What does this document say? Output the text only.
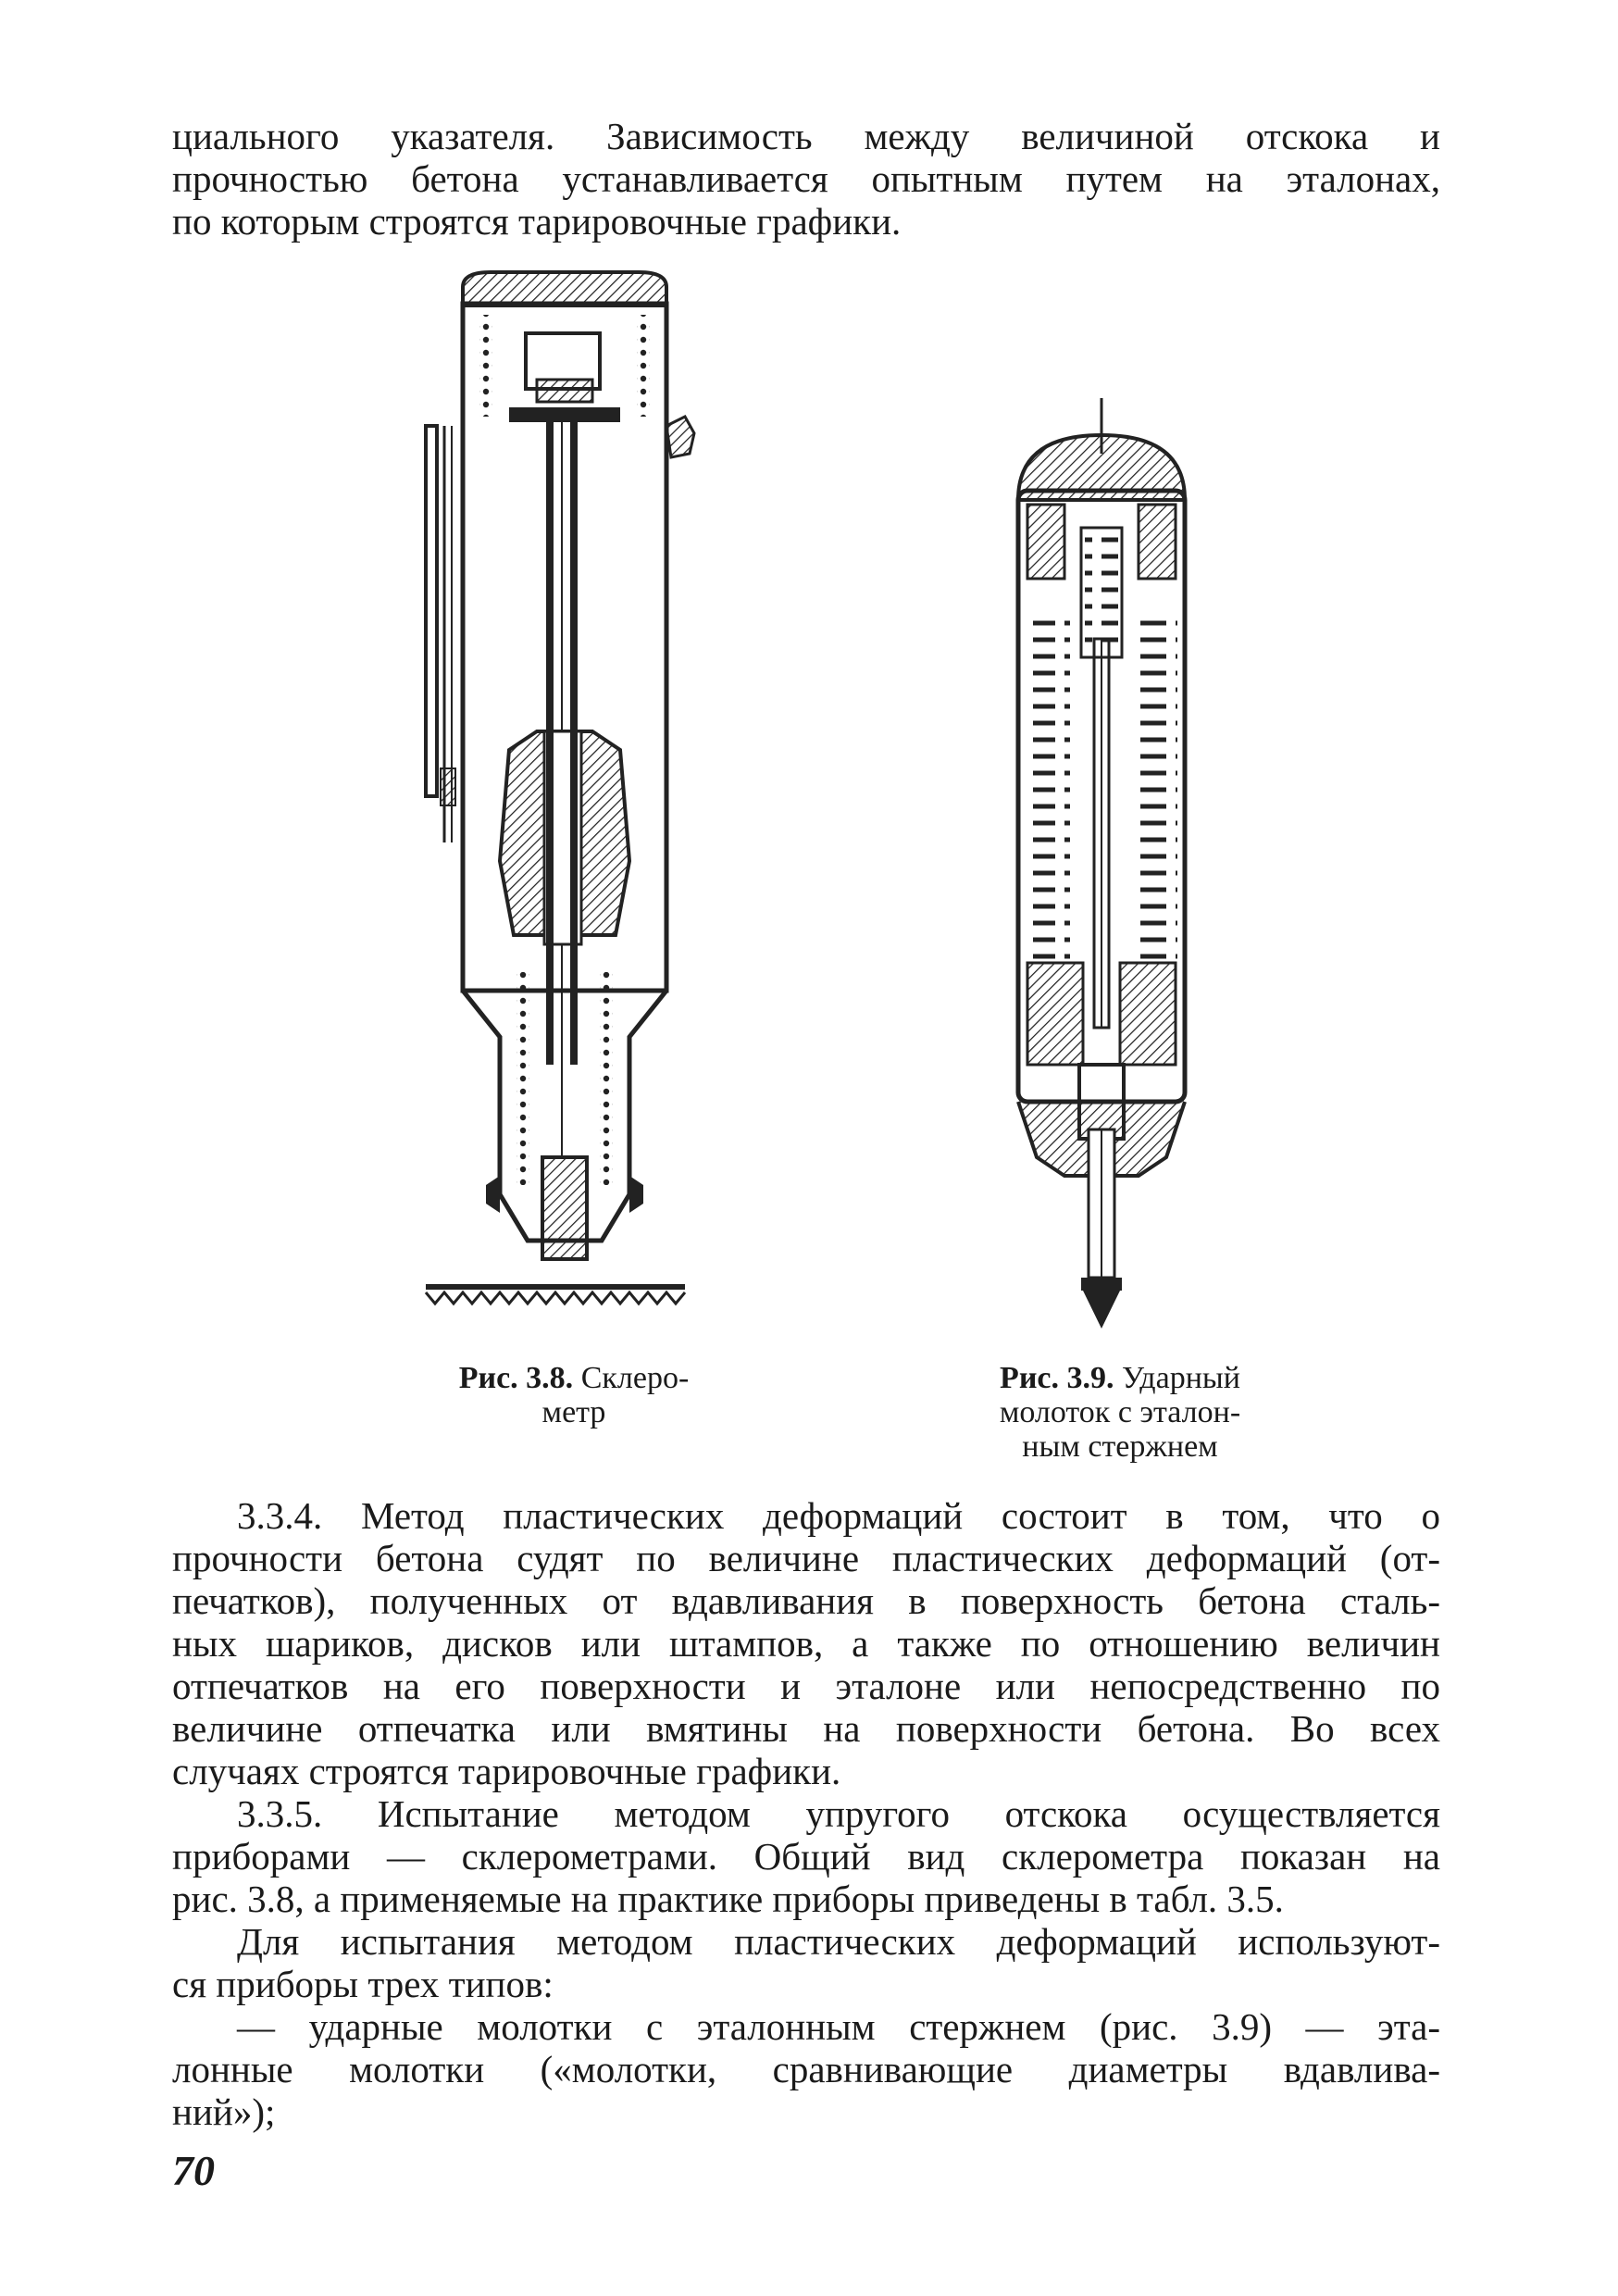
циального указателя. Зависимость между величиной отскока и
прочностью бетона устанавливается опытным путем на эталонах,
по которым строятся тарировочные графики.
Рис. 3.8. Склеро-
метр
Рис. 3.9. Ударный
молоток с эталон-
ным стержнем
3.3.4. Метод пластических деформаций состоит в том, что о
прочности бетона судят по величине пластических деформаций (от-
печатков), полученных от вдавливания в поверхность бетона сталь-
ных шариков, дисков или штампов, а также по отношению величин
отпечатков на его поверхности и эталоне или непосредственно по
величине отпечатка или вмятины на поверхности бетона. Во всех
случаях строятся тарировочные графики.
3.3.5. Испытание методом упругого отскока осуществляется
приборами — склерометрами. Общий вид склерометра показан на
рис. 3.8, а применяемые на практике приборы приведены в табл. 3.5.
Для испытания методом пластических деформаций используют-
ся приборы трех типов:
— ударные молотки с эталонным стержнем (рис. 3.9) — эта-
лонные молотки («молотки, сравнивающие диаметры вдавлива-
ний»);
70
